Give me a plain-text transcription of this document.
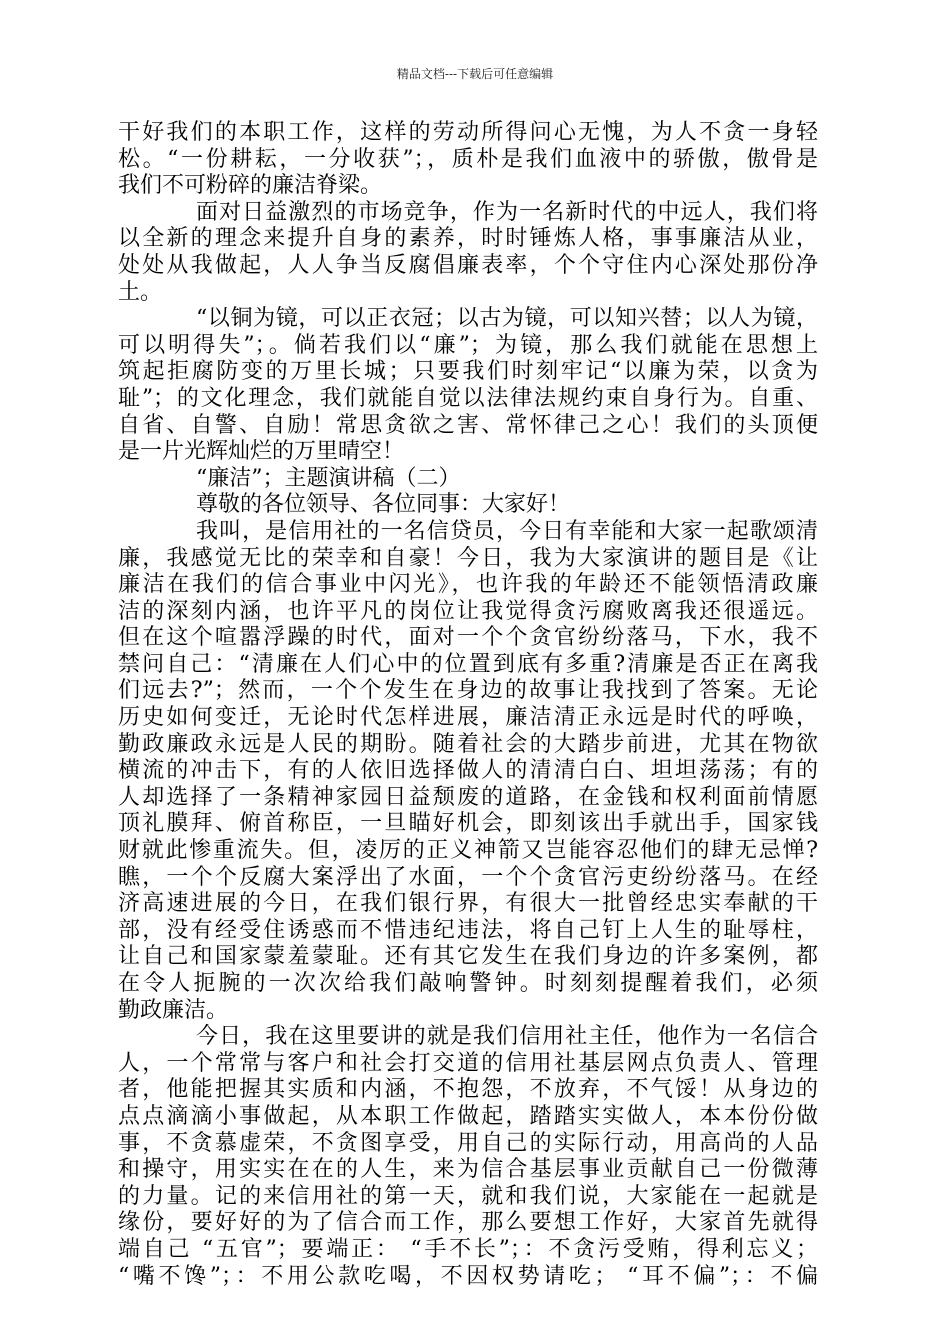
精品文档---下载后可任意编辑
干好我们的本职工作，这样的劳动所得问心无愧，为人不贪一身轻
松。“一份耕耘，一分收获”；，质朴是我们血液中的骄傲，傲骨是
我们不可粉碎的廉洁脊梁。
面对日益激烈的市场竞争，作为一名新时代的中远人，我们将
以全新的理念来提升自身的素养，时时锤炼人格，事事廉洁从业，
处处从我做起，人人争当反腐倡廉表率，个个守住内心深处那份净
土。
“以铜为镜，可以正衣冠；以古为镜，可以知兴替；以人为镜，
可以明得失”；。倘若我们以“廉”；为镜，那么我们就能在思想上
筑起拒腐防变的万里长城；只要我们时刻牢记“以廉为荣，以贪为
耻”；的文化理念，我们就能自觉以法律法规约束自身行为。自重、
自省、自警、自励！常思贪欲之害、常怀律己之心！我们的头顶便
是一片光辉灿烂的万里晴空！
“廉洁”；主题演讲稿（二）
尊敬的各位领导、各位同事：大家好！
我叫，是信用社的一名信贷员，今日有幸能和大家一起歌颂清
廉，我感觉无比的荣幸和自豪！今日，我为大家演讲的题目是《让
廉洁在我们的信合事业中闪光》，也许我的年龄还不能领悟清政廉
洁的深刻内涵，也许平凡的岗位让我觉得贪污腐败离我还很遥远。
但在这个喧嚣浮躁的时代，面对一个个贪官纷纷落马，下水，我不
禁问自己：“清廉在人们心中的位置到底有多重?清廉是否正在离我
们远去?”；然而，一个个发生在身边的故事让我找到了答案。无论
历史如何变迁，无论时代怎样进展，廉洁清正永远是时代的呼唤，
勤政廉政永远是人民的期盼。随着社会的大踏步前进，尤其在物欲
横流的冲击下，有的人依旧选择做人的清清白白、坦坦荡荡；有的
人却选择了一条精神家园日益颓废的道路，在金钱和权利面前情愿
顶礼膜拜、俯首称臣，一旦瞄好机会，即刻该出手就出手，国家钱
财就此惨重流失。但，凌厉的正义神箭又岂能容忍他们的肆无忌惮?
瞧，一个个反腐大案浮出了水面，一个个贪官污吏纷纷落马。在经
济高速进展的今日，在我们银行界，有很大一批曾经忠实奉献的干
部，没有经受住诱惑而不惜违纪违法，将自己钉上人生的耻辱柱，
让自己和国家蒙羞蒙耻。还有其它发生在我们身边的许多案例，都
在令人扼腕的一次次给我们敲响警钟。时刻刻提醒着我们，必须
勤政廉洁。
今日，我在这里要讲的就是我们信用社主任，他作为一名信合
人，一个常常与客户和社会打交道的信用社基层网点负责人、管理
者，他能把握其实质和内涵，不抱怨，不放弃，不气馁！从身边的
点点滴滴小事做起，从本职工作做起，踏踏实实做人，本本份份做
事，不贪慕虚荣，不贪图享受，用自己的实际行动，用高尚的人品
和操守，用实实在在的人生，来为信合基层事业贡献自己一份微薄
的力量。记的来信用社的第一天，就和我们说，大家能在一起就是
缘份，要好好的为了信合而工作，那么要想工作好，大家首先就得
端自己 “五官”；要端正： “手不长”；：不贪污受贿，得利忘义；
“嘴不馋”；：不用公款吃喝，不因权势请吃； “耳不偏”；：不偏
